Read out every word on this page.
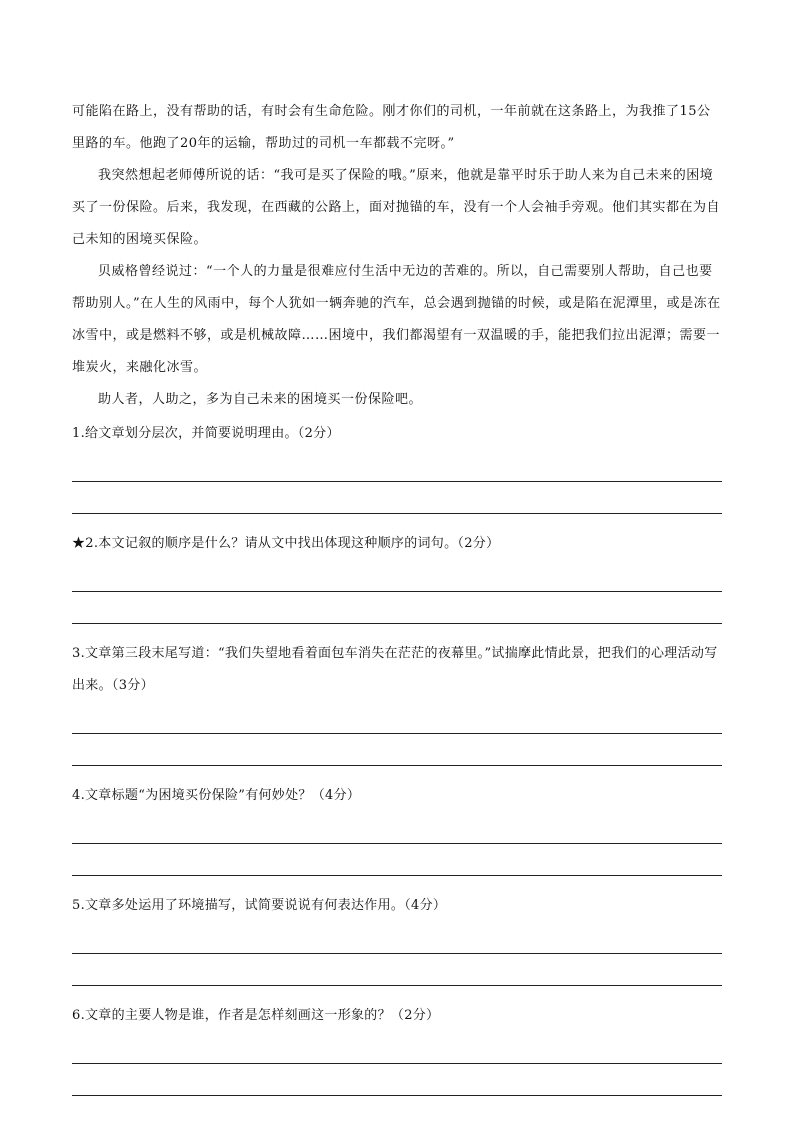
可能陷在路上，没有帮助的话，有时会有生命危险。刚才你们的司机，一年前就在这条路上，为我推了15公里路的车。他跑了20年的运输，帮助过的司机一车都载不完呀。”

我突然想起老师傅所说的话：“我可是买了保险的哦。”原来，他就是靠平时乐于助人来为自己未来的困境买了一份保险。后来，我发现，在西藏的公路上，面对抛锚的车，没有一个人会袖手旁观。他们其实都在为自己未知的困境买保险。

贝威格曾经说过：“一个人的力量是很难应付生活中无边的苦难的。所以，自己需要别人帮助，自己也要帮助别人。”在人生的风雨中，每个人犹如一辆奔驰的汽车，总会遇到抛锚的时候，或是陷在泥潭里，或是冻在冰雪中，或是燃料不够，或是机械故障……困境中，我们都渴望有一双温暖的手，能把我们拉出泥潭；需要一堆炭火，来融化冰雪。

助人者，人助之，多为自己未来的困境买一份保险吧。

1.给文章划分层次，并简要说明理由。（2分）

★2.本文记叙的顺序是什么？请从文中找出体现这种顺序的词句。（2分）

3.文章第三段末尾写道：“我们失望地看着面包车消失在茫茫的夜幕里。”试揣摩此情此景，把我们的心理活动写出来。（3分）

4.文章标题“为困境买份保险”有何妙处？（4分）

5.文章多处运用了环境描写，试简要说说有何表达作用。（4分）

6.文章的主要人物是谁，作者是怎样刻画这一形象的？（2分）
